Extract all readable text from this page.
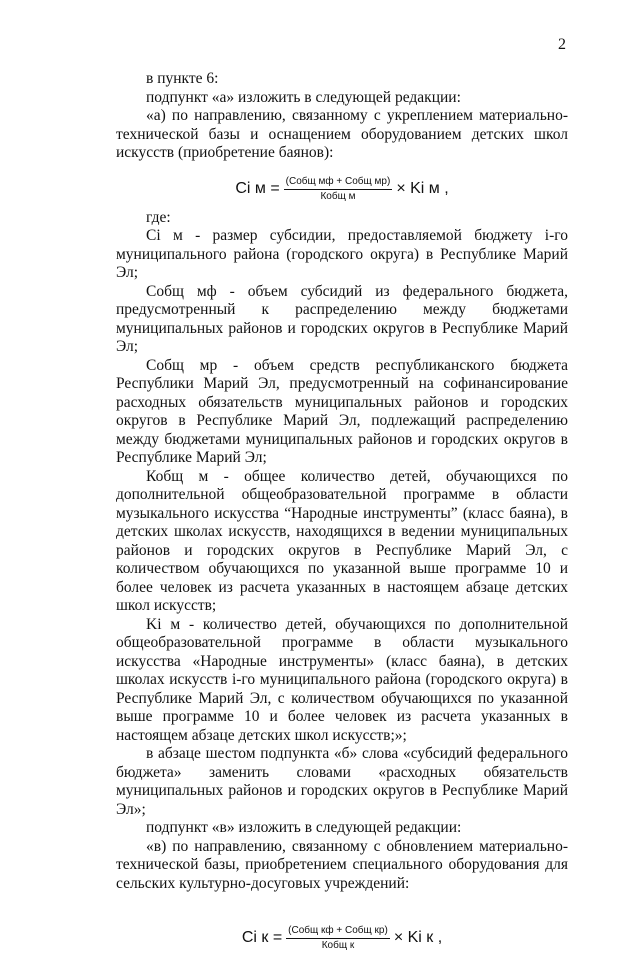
2

в пункте 6:

подпункт «а» изложить в следующей редакции:

«а) по направлению, связанному с укреплением материально-технической базы и оснащением оборудованием детских школ искусств (приобретение баянов):

Ci м
= $\frac{\text{(Собщ мф + Собщ мр)}}{\text{Кобщ м}} \times Ki$ м ,

где:

Ci м - размер субсидии, предоставляемой бюджету i-го муниципального района (городского округа) в Республике Марий Эл;

Собщ мф - объем субсидий из федерального бюджета, предусмотренный к распределению между бюджетами муниципальных районов и городских округов в Республике Марий Эл;

Собщ мр - объем средств республиканского бюджета Республики Марий Эл, предусмотренный на софинансирование расходных обязательств муниципальных районов и городских округов в Республике Марий Эл, подлежащий распределению между бюджетами муниципальных районов и городских округов в Республике Марий Эл;

Кобщ м - общее количество детей, обучающихся по дополнительной общеобразовательной программе в области музыкального искусства “Народные инструменты” (класс баяна), в детских школах искусств, находящихся в ведении муниципальных районов и городских округов в Республике Марий Эл, с количеством обучающихся по указанной выше программе 10 и более человек из расчета указанных в настоящем абзаце детских школ искусств;

Ki м - количество детей, обучающихся по дополнительной общеобразовательной программе в области музыкального искусства «Народные инструменты» (класс баяна), в детских школах искусств i-го муниципального района (городского округа) в Республике Марий Эл, с количеством обучающихся по указанной выше программе 10 и более человек из расчета указанных в настоящем абзаце детских школ искусств;»;

в абзаце шестом подпункта «б» слова «субсидий федерального бюджета» заменить словами «расходных обязательств муниципальных районов и городских округов в Республике Марий Эл»;

подпункт «в» изложить в следующей редакции:

«в) по направлению, связанному с обновлением материально-технической базы, приобретением специального оборудования для сельских культурно-досуговых учреждений:

Ci к
= $\frac{\text{(Собщ кф + Собщ кр)}}{\text{Кобщ к}} \times Ki$ к ,
